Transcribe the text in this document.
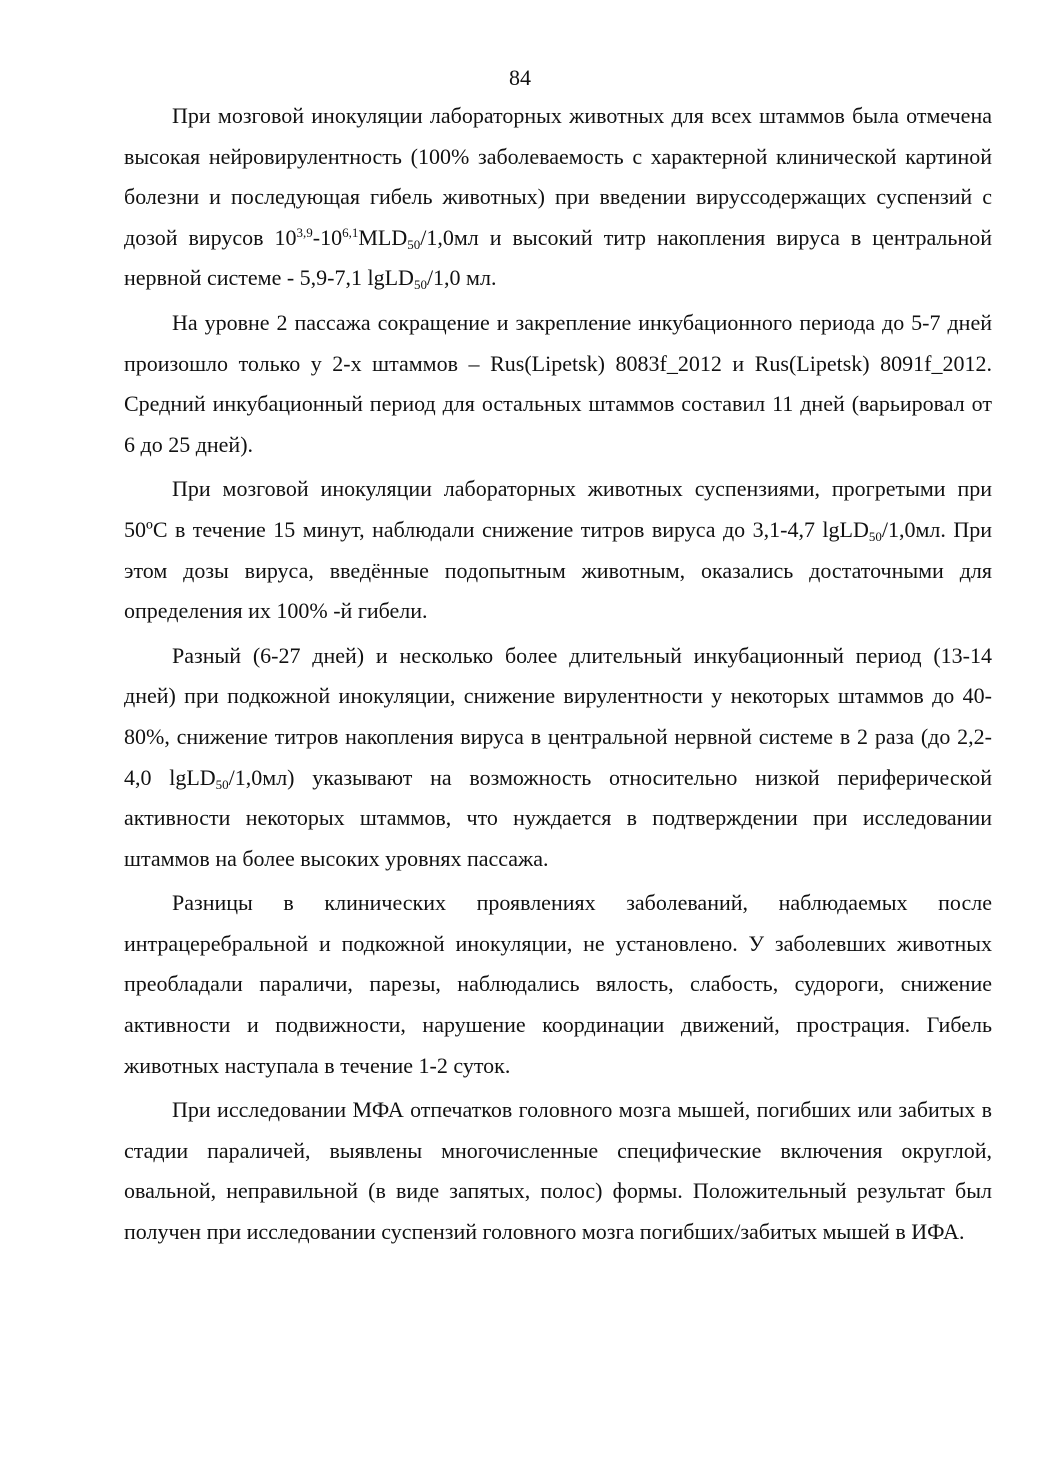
84

При мозговой инокуляции лабораторных животных для всех штаммов была отмечена высокая нейровирулентность (100% заболеваемость с характерной клинической картиной болезни и последующая гибель животных) при введении вируссодержащих суспензий с дозой вирусов $10^{3,9}-10^{6,1}MLD_{50}/1,0мл$ и высокий титр накопления вируса в центральной нервной системе - 5,9-7,1 lgLD$_{50}$/1,0 мл.

На уровне 2 пассажа сокращение и закрепление инкубационного периода до 5-7 дней произошло только у 2-х штаммов – Rus(Lipetsk) 8083f_2012 и Rus(Lipetsk) 8091f_2012. Средний инкубационный период для остальных штаммов составил 11 дней (варьировал от 6 до 25 дней).

При мозговой инокуляции лабораторных животных суспензиями, прогретыми при 50ºС в течение 15 минут, наблюдали снижение титров вируса до 3,1-4,7 lgLD$_{50}$/1,0мл. При этом дозы вируса, введённые подопытным животным, оказались достаточными для определения их 100% -й гибели.

Разный (6-27 дней) и несколько более длительный инкубационный период (13-14 дней) при подкожной инокуляции, снижение вирулентности у некоторых штаммов до 40-80%, снижение титров накопления вируса в центральной нервной системе в 2 раза (до 2,2-4,0 lgLD$_{50}$/1,0мл) указывают на возможность относительно низкой периферической активности некоторых штаммов, что нуждается в подтверждении при исследовании штаммов на более высоких уровнях пассажа.

Разницы в клинических проявлениях заболеваний, наблюдаемых после интрацеребральной и подкожной инокуляции, не установлено. У заболевших животных преобладали параличи, парезы, наблюдались вялость, слабость, судороги, снижение активности и подвижности, нарушение координации движений, прострация. Гибель животных наступала в течение 1-2 суток.

При исследовании МФА отпечатков головного мозга мышей, погибших или забитых в стадии параличей, выявлены многочисленные специфические включения округлой, овальной, неправильной (в виде запятых, полос) формы. Положительный результат был получен при исследовании суспензий головного мозга погибших/забитых мышей в ИФА.
